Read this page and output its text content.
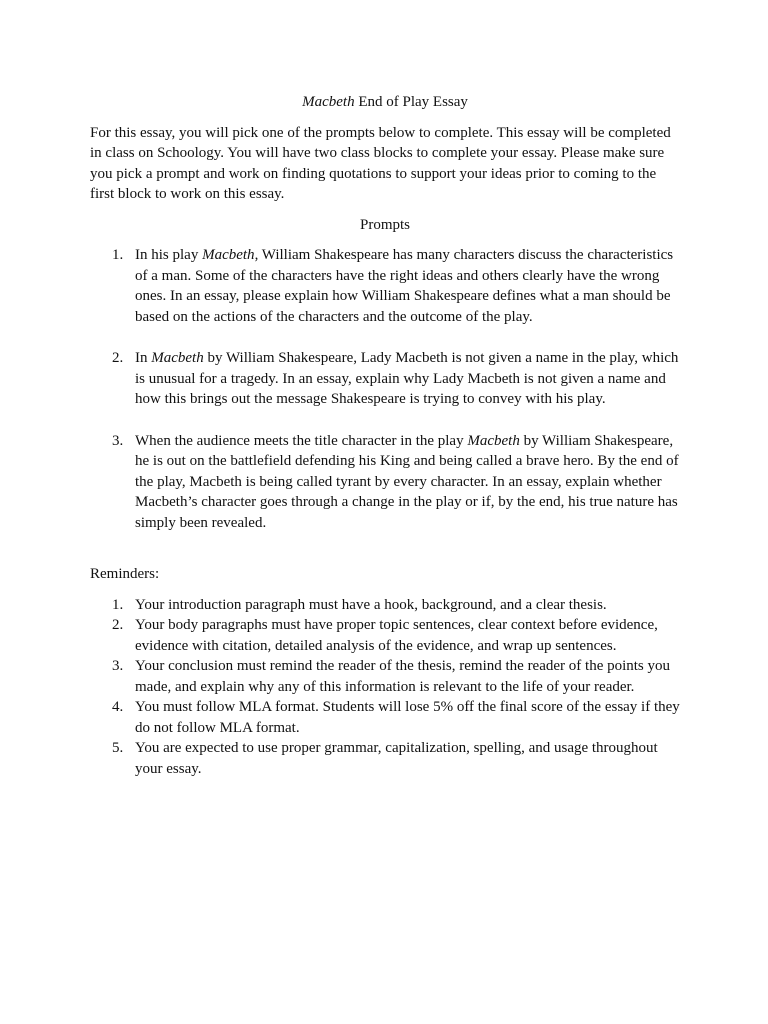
Macbeth End of Play Essay

For this essay, you will pick one of the prompts below to complete. This essay will be completed in class on Schoology. You will have two class blocks to complete your essay. Please make sure you pick a prompt and work on finding quotations to support your ideas prior to coming to the first block to work on this essay.

Prompts

1. In his play Macbeth, William Shakespeare has many characters discuss the characteristics of a man. Some of the characters have the right ideas and others clearly have the wrong ones. In an essay, please explain how William Shakespeare defines what a man should be based on the actions of the characters and the outcome of the play.
2. In Macbeth by William Shakespeare, Lady Macbeth is not given a name in the play, which is unusual for a tragedy. In an essay, explain why Lady Macbeth is not given a name and how this brings out the message Shakespeare is trying to convey with his play.
3. When the audience meets the title character in the play Macbeth by William Shakespeare, he is out on the battlefield defending his King and being called a brave hero. By the end of the play, Macbeth is being called tyrant by every character. In an essay, explain whether Macbeth’s character goes through a change in the play or if, by the end, his true nature has simply been revealed.

Reminders:

1. Your introduction paragraph must have a hook, background, and a clear thesis.
2. Your body paragraphs must have proper topic sentences, clear context before evidence, evidence with citation, detailed analysis of the evidence, and wrap up sentences.
3. Your conclusion must remind the reader of the thesis, remind the reader of the points you made, and explain why any of this information is relevant to the life of your reader.
4. You must follow MLA format. Students will lose 5% off the final score of the essay if they do not follow MLA format.
5. You are expected to use proper grammar, capitalization, spelling, and usage throughout your essay.
